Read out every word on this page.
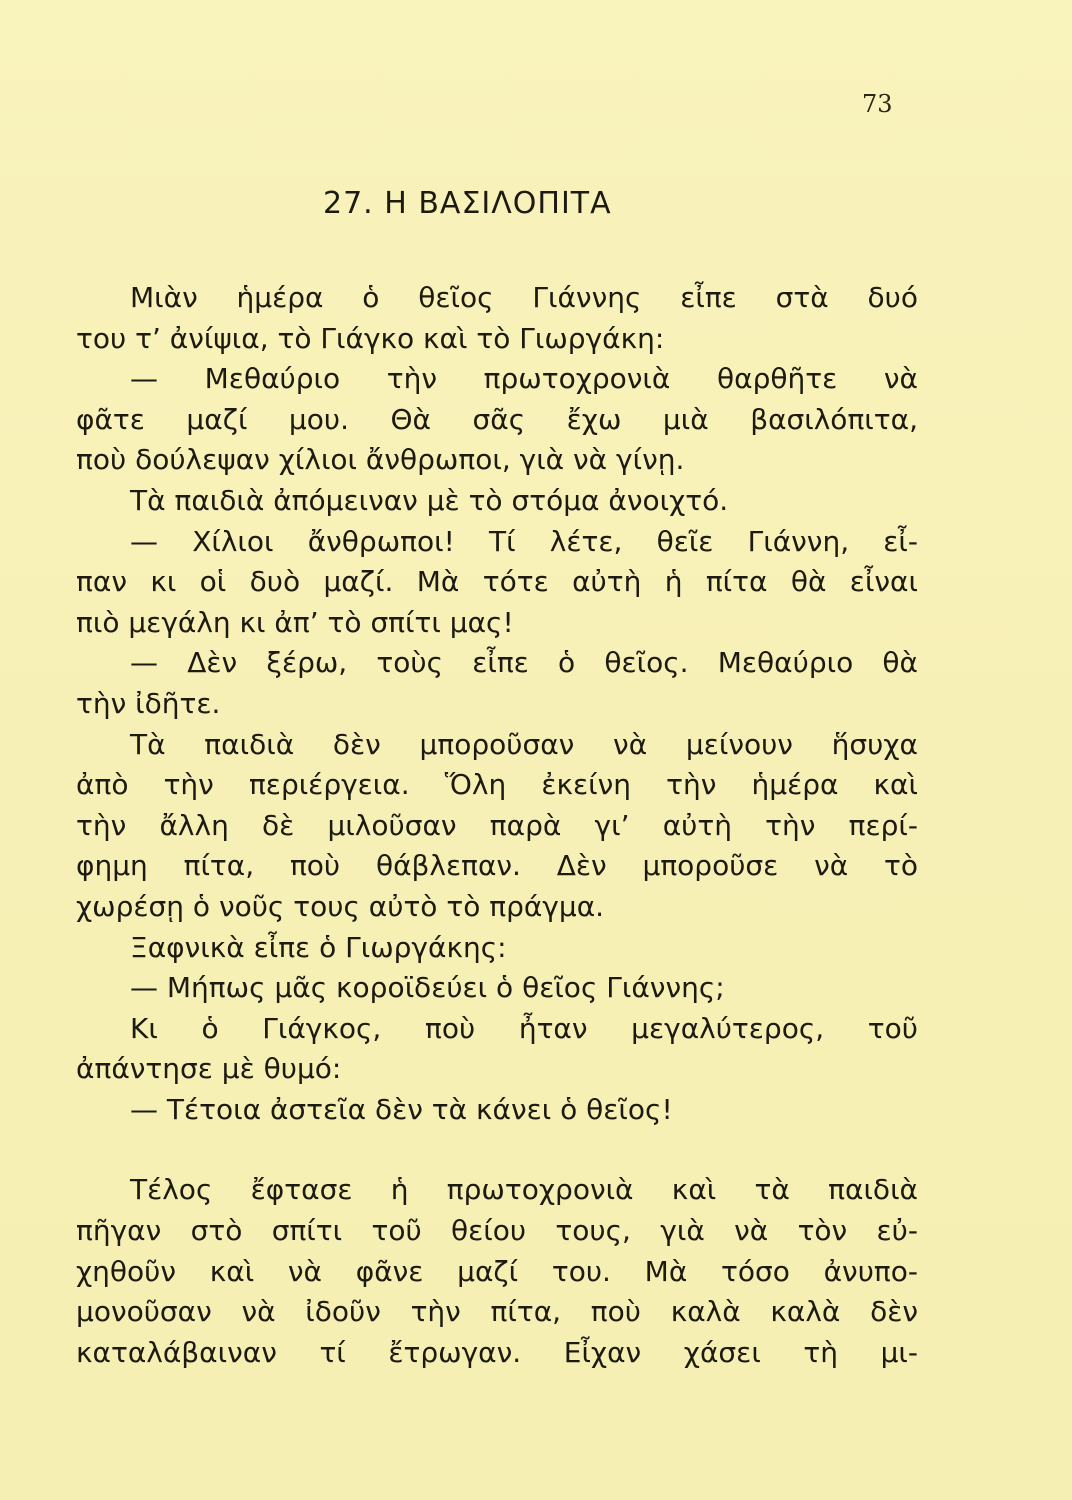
73
27. Η ΒΑΣΙΛΟΠΙΤΑ
Μιὰν ἡμέρα ὁ θεῖος Γιάννης εἶπε στὰ δυό
του τ’ ἀνίψια, τὸ Γιάγκο καὶ τὸ Γιωργάκη:
— Μεθαύριο τὴν πρωτοχρονιὰ θαρθῆτε νὰ
φᾶτε μαζί μου. Θὰ σᾶς ἔχω μιὰ βασιλόπιτα,
ποὺ δούλεψαν χίλιοι ἄνθρωποι, γιὰ νὰ γίνῃ.
Τὰ παιδιὰ ἀπόμειναν μὲ τὸ στόμα ἀνοιχτό.
— Χίλιοι ἄνθρωποι! Τί λέτε, θεῖε Γιάννη, εἶ-
παν κι οἱ δυὸ μαζί. Μὰ τότε αὐτὴ ἡ πίτα θὰ εἶναι
πιὸ μεγάλη κι ἀπ’ τὸ σπίτι μας!
— Δὲν ξέρω, τοὺς εἶπε ὁ θεῖος. Μεθαύριο θὰ
τὴν ἰδῆτε.
Τὰ παιδιὰ δὲν μποροῦσαν νὰ μείνουν ἥσυχα
ἀπὸ τὴν περιέργεια. Ὅλη ἐκείνη τὴν ἡμέρα καὶ
τὴν ἄλλη δὲ μιλοῦσαν παρὰ γι’ αὐτὴ τὴν περί-
φημη πίτα, ποὺ θάβλεπαν. Δὲν μποροῦσε νὰ τὸ
χωρέσῃ ὁ νοῦς τους αὐτὸ τὸ πράγμα.
Ξαφνικὰ εἶπε ὁ Γιωργάκης:
— Μήπως μᾶς κοροϊδεύει ὁ θεῖος Γιάννης;
Κι ὁ Γιάγκος, ποὺ ἦταν μεγαλύτερος, τοῦ
ἀπάντησε μὲ θυμό:
— Τέτοια ἀστεῖα δὲν τὰ κάνει ὁ θεῖος!
Τέλος ἔφτασε ἡ πρωτοχρονιὰ καὶ τὰ παιδιὰ
πῆγαν στὸ σπίτι τοῦ θείου τους, γιὰ νὰ τὸν εὐ-
χηθοῦν καὶ νὰ φᾶνε μαζί του. Μὰ τόσο ἀνυπο-
μονοῦσαν νὰ ἰδοῦν τὴν πίτα, ποὺ καλὰ καλὰ δὲν
καταλάβαιναν τί ἔτρωγαν. Εἶχαν χάσει τὴ μι-
